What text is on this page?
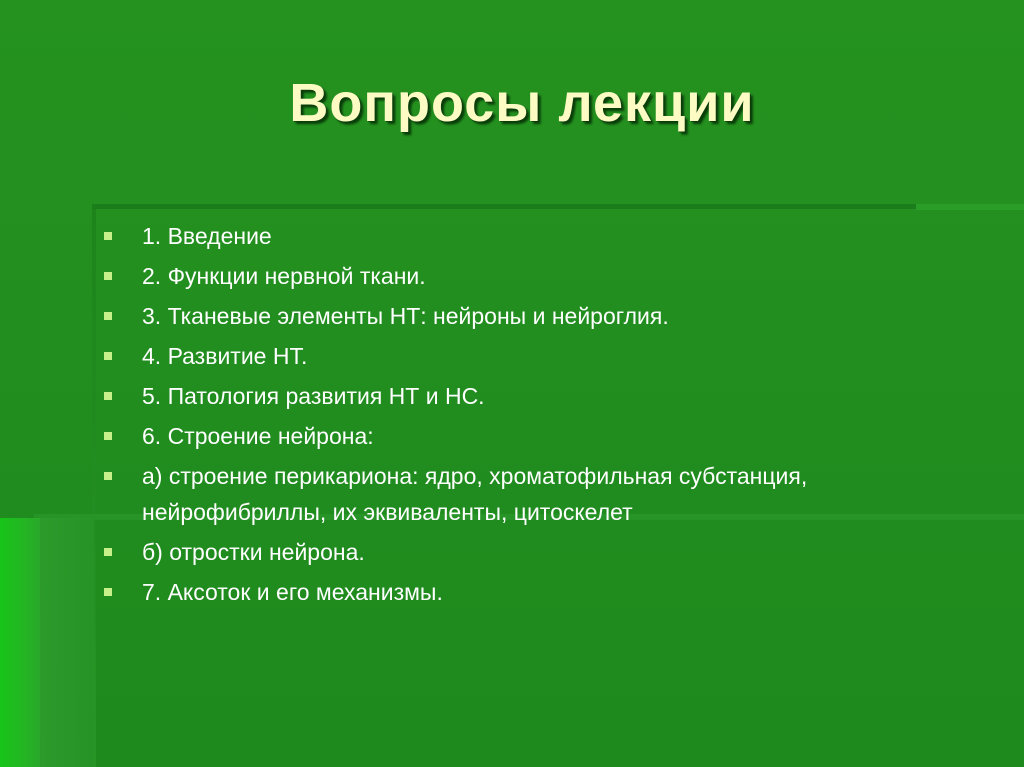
Вопросы лекции
1. Введение
2. Функции нервной ткани.
3. Тканевые элементы НТ: нейроны и нейроглия.
4. Развитие НТ.
5. Патология развития НТ и НС.
6. Строение нейрона:
а) строение перикариона: ядро, хроматофильная субстанция, нейрофибриллы, их эквиваленты, цитоскелет
б) отростки нейрона.
7. Аксоток и его механизмы.
